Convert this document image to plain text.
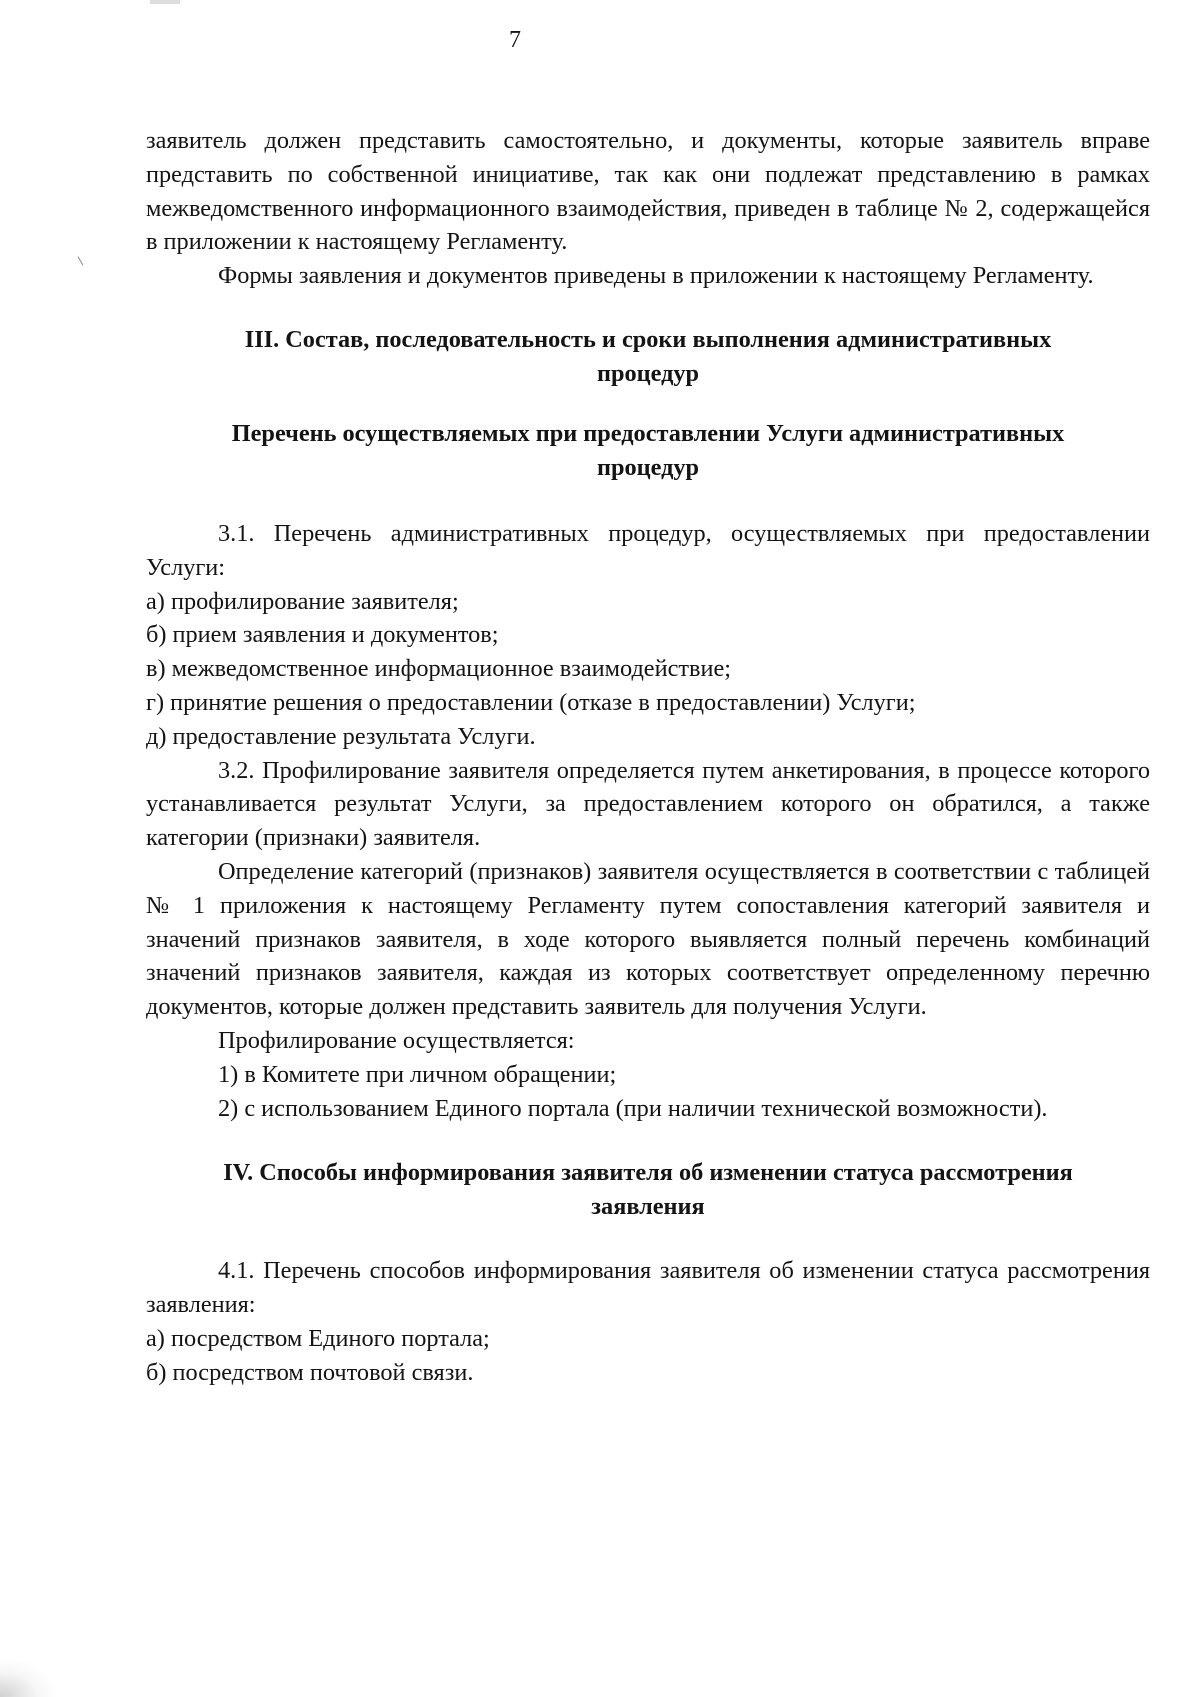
7

заявитель должен представить самостоятельно, и документы, которые заявитель вправе представить по собственной инициативе, так как они подлежат представлению в рамках межведомственного информационного взаимодействия, приведен в таблице № 2, содержащейся в приложении к настоящему Регламенту.

Формы заявления и документов приведены в приложении к настоящему Регламенту.

III. Состав, последовательность и сроки выполнения административных

процедур

Перечень осуществляемых при предоставлении Услуги административных

процедур

3.1. Перечень административных процедур, осуществляемых при предоставлении Услуги:

а) профилирование заявителя;

б) прием заявления и документов;

в) межведомственное информационное взаимодействие;

г) принятие решения о предоставлении (отказе в предоставлении) Услуги;

д) предоставление результата Услуги.

3.2. Профилирование заявителя определяется путем анкетирования, в процессе которого устанавливается результат Услуги, за предоставлением которого он обратился, а также категории (признаки) заявителя.

Определение категорий (признаков) заявителя осуществляется в соответствии с таблицей № 1 приложения к настоящему Регламенту путем сопоставления категорий заявителя и значений признаков заявителя, в ходе которого выявляется полный перечень комбинаций значений признаков заявителя, каждая из которых соответствует определенному перечню документов, которые должен представить заявитель для получения Услуги.

Профилирование осуществляется:

1) в Комитете при личном обращении;

2) с использованием Единого портала (при наличии технической возможности).

IV. Способы информирования заявителя об изменении статуса рассмотрения

заявления

4.1. Перечень способов информирования заявителя об изменении статуса рассмотрения заявления:

а) посредством Единого портала;

б) посредством почтовой связи.
